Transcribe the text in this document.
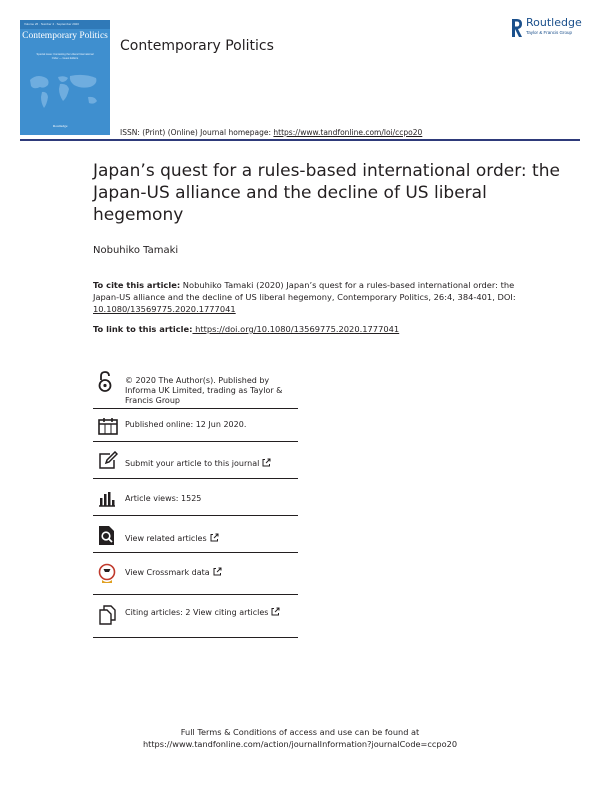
Volume 26 · Number 4 · September 2020
Contemporary Politics
Special issue: Contesting the Liberal International Order — Guest Editors
Routledge
Contemporary Politics
Routledge
Taylor & Francis Group
ISSN: (Print) (Online) Journal homepage: https://www.tandfonline.com/loi/ccpo20
Japan’s quest for a rules-based international order: the Japan-US alliance and the decline of US liberal hegemony
Nobuhiko Tamaki
To cite this article: Nobuhiko Tamaki (2020) Japan’s quest for a rules-based international order: the Japan-US alliance and the decline of US liberal hegemony, Contemporary Politics, 26:4, 384-401, DOI: 10.1080/13569775.2020.1777041
To link to this article: https://doi.org/10.1080/13569775.2020.1777041
© 2020 The Author(s). Published by Informa UK Limited, trading as Taylor & Francis Group
Published online: 12 Jun 2020.
Submit your article to this journal
Article views: 1525
View related articles
View Crossmark data
Citing articles: 2 View citing articles
Full Terms & Conditions of access and use can be found at
https://www.tandfonline.com/action/journalInformation?journalCode=ccpo20
